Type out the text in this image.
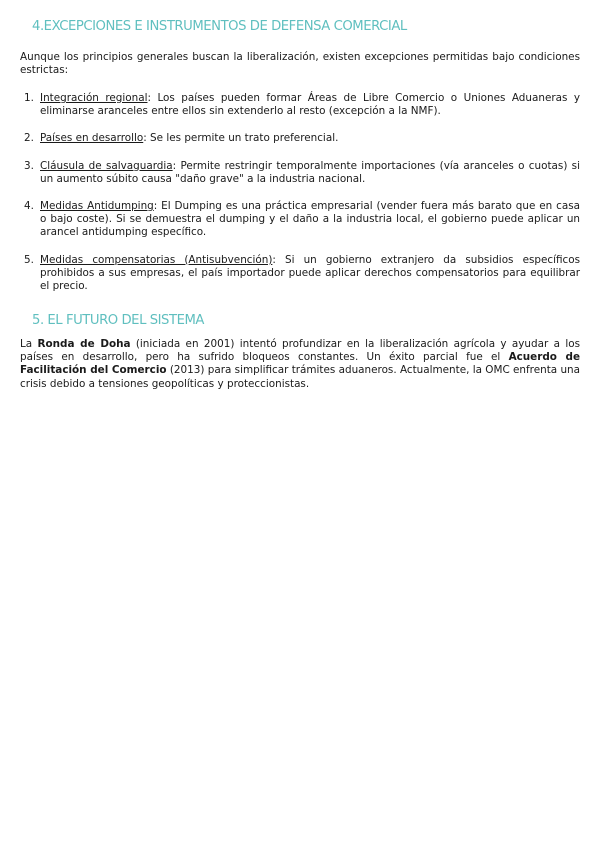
4.EXCEPCIONES E INSTRUMENTOS DE DEFENSA COMERCIAL

Aunque los principios generales buscan la liberalización, existen excepciones permitidas bajo condiciones estrictas:

1. Integración regional: Los países pueden formar Áreas de Libre Comercio o Uniones Aduaneras y eliminarse aranceles entre ellos sin extenderlo al resto (excepción a la NMF).
2. Países en desarrollo: Se les permite un trato preferencial.
3. Cláusula de salvaguardia: Permite restringir temporalmente importaciones (vía aranceles o cuotas) si un aumento súbito causa "daño grave" a la industria nacional.
4. Medidas Antidumping: El Dumping es una práctica empresarial (vender fuera más barato que en casa o bajo coste). Si se demuestra el dumping y el daño a la industria local, el gobierno puede aplicar un arancel antidumping específico.
5. Medidas compensatorias (Antisubvención): Si un gobierno extranjero da subsidios específicos prohibidos a sus empresas, el país importador puede aplicar derechos compensatorios para equilibrar el precio.
5. EL FUTURO DEL SISTEMA

La Ronda de Doha (iniciada en 2001) intentó profundizar en la liberalización agrícola y ayudar a los países en desarrollo, pero ha sufrido bloqueos constantes. Un éxito parcial fue el Acuerdo de Facilitación del Comercio (2013) para simplificar trámites aduaneros. Actualmente, la OMC enfrenta una crisis debido a tensiones geopolíticas y proteccionistas.
